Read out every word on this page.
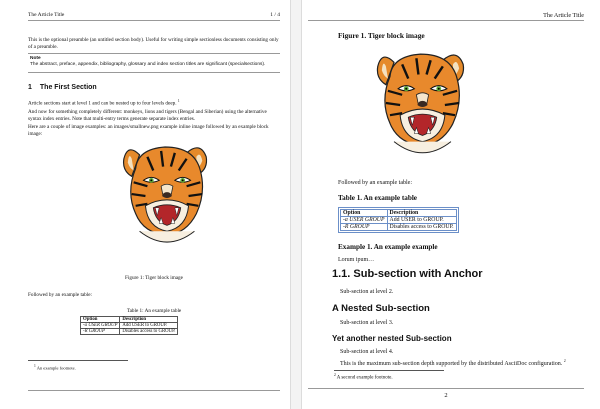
The Article Title	1 / 4
This is the optional preamble (an untitled section body). Useful for writing simple sectionless documents consisting only of a preamble.
Note
The abstract, preface, appendix, bibliography, glossary and index section titles are significant (specialsections).
1 The First Section
Article sections start at level 1 and can be nested up to four levels deep. $^1$
And now for something completely different: monkeys, lions and tigers (Bengal and Siberian) using the alternative syntax index entries. Note that multi-entry terms generate separate index entries.
Here are a couple of image examples: an images/smallnew.png example inline image followed by an example block image:
Figure 1: Tiger block image
Followed by an example table:
Table 1: An example table
Option	Description
-a USER GROUP	Add USER to GROUP.
-R GROUP	Disables access to GROUP.
$^1$ An example footnote.
The Article Title
Figure 1. Tiger block image
Followed by an example table:
Table 1. An example table
Option	Description
-a USER GROUP	Add USER to GROUP.
-R GROUP	Disables access to GROUP.
Example 1. An example example
Lorum ipum…
1.1. Sub-section with Anchor
Sub-section at level 2.
A Nested Sub-section
Sub-section at level 3.
Yet another nested Sub-section
Sub-section at level 4.
This is the maximum sub-section depth supported by the distributed AsciiDoc configuration. $^2$
$^2$ A second example footnote.
2
